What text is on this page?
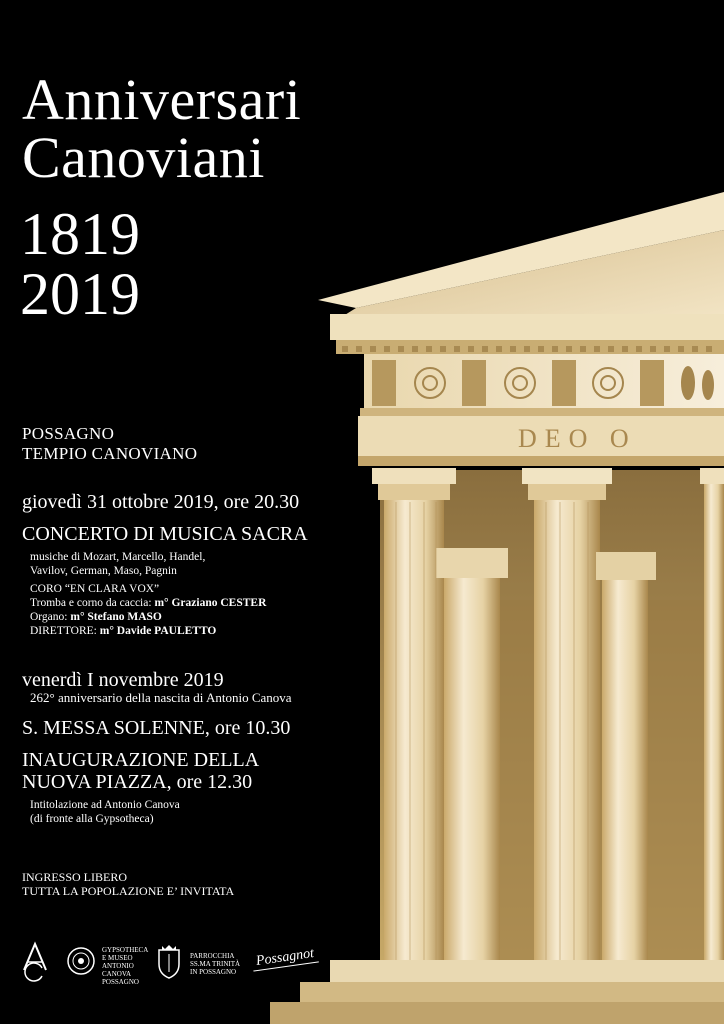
DEO O
Anniversari
Canoviani
1819
2019
POSSAGNO
TEMPIO CANOVIANO
giovedì 31 ottobre 2019, ore 20.30
CONCERTO DI MUSICA SACRA
musiche di Mozart, Marcello, Handel,
Vavilov, German, Maso, Pagnin
CORO “EN CLARA VOX”
Tromba e corno da caccia: m° Graziano CESTER
Organo: m° Stefano MASO
DIRETTORE: m° Davide PAULETTO
venerdì I novembre 2019
262° anniversario della nascita di Antonio Canova
S. MESSA SOLENNE, ore 10.30
INAUGURAZIONE DELLA
NUOVA PIAZZA, ore 12.30
Intitolazione ad Antonio Canova
(di fronte alla Gypsotheca)
INGRESSO LIBERO
TUTTA LA POPOLAZIONE E’ INVITATA
GYPSOTHECA
E MUSEO
ANTONIO
CANOVA
POSSAGNO
PARROCCHIA
SS.MA TRINITÀ
IN POSSAGNO
Possagnot
